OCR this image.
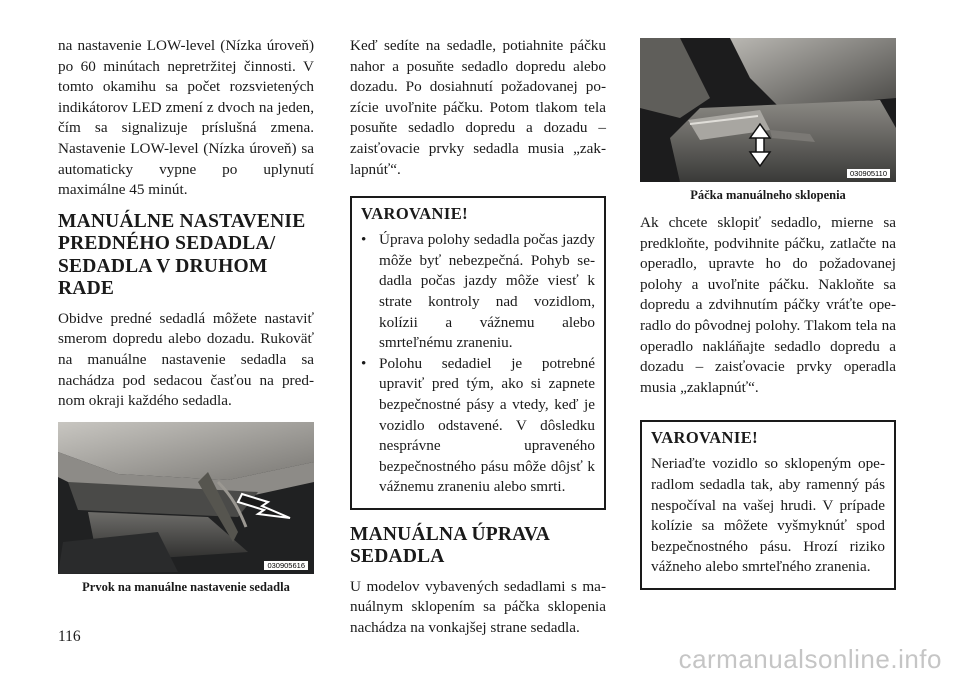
na nastavenie LOW-level (Nízka úroveň) po 60 minútach nepretržitej činnosti. V tomto okamihu sa počet rozsvietených indikátorov LED zmení z dvoch na jeden, čím sa signalizuje príslušná zmena. Nastavenie LOW-level (Nízka úroveň) sa automaticky vypne po uplynutí maximálne 45 minút.

MANUÁLNE NASTAVENIE PREDNÉHO SEDADLA/ SEDADLA V DRUHOM RADE

Obidve predné sedadlá môžete nastaviť smerom dopredu alebo dozadu. Rukoväť na manuálne nastavenie sedadla sa nachádza pod sedacou časťou na prednom okraji každého sedadla.

030905616
Prvok na manuálne nastavenie sedadla

Keď sedíte na sedadle, potiahnite páčku nahor a posuňte sedadlo dopredu alebo dozadu. Po dosiahnutí požadovanej pozície uvoľnite páčku. Potom tlakom tela posuňte sedadlo dopredu a dozadu – zaisťovacie prvky sedadla musia „zaklapnúť“.

VAROVANIE!
• Úprava polohy sedadla počas jazdy môže byť nebezpečná. Pohyb sedadla počas jazdy môže viesť k strate kontroly nad vozidlom, kolízii a vážnemu alebo smrteľnému zraneniu.
• Polohu sedadiel je potrebné upraviť pred tým, ako si zapnete bezpečnostné pásy a vtedy, keď je vozidlo odstavené. V dôsledku nesprávne upraveného bezpečnostného pásu môže dôjsť k vážnemu zraneniu alebo smrti.
MANUÁLNA ÚPRAVA SEDADLA

U modelov vybavených sedadlami s manuálnym sklopením sa páčka sklopenia nachádza na vonkajšej strane sedadla.

030905110
Páčka manuálneho sklopenia

Ak chcete sklopiť sedadlo, mierne sa predkloňte, podvihnite páčku, zatlačte na operadlo, upravte ho do požadovanej polohy a uvoľnite páčku. Nakloňte sa dopredu a zdvihnutím páčky vráťte operadlo do pôvodnej polohy. Tlakom tela na operadlo nakláňajte sedadlo dopredu a dozadu – zaisťovacie prvky operadla musia „zaklapnúť“.

VAROVANIE!

Neriaďte vozidlo so sklopeným operadlom sedadla tak, aby ramenný pás nespočíval na vašej hrudi. V prípade kolízie sa môžete vyšmyknúť spod bezpečnostného pásu. Hrozí riziko vážneho alebo smrteľného zranenia.

116
carmanualsonline.info
